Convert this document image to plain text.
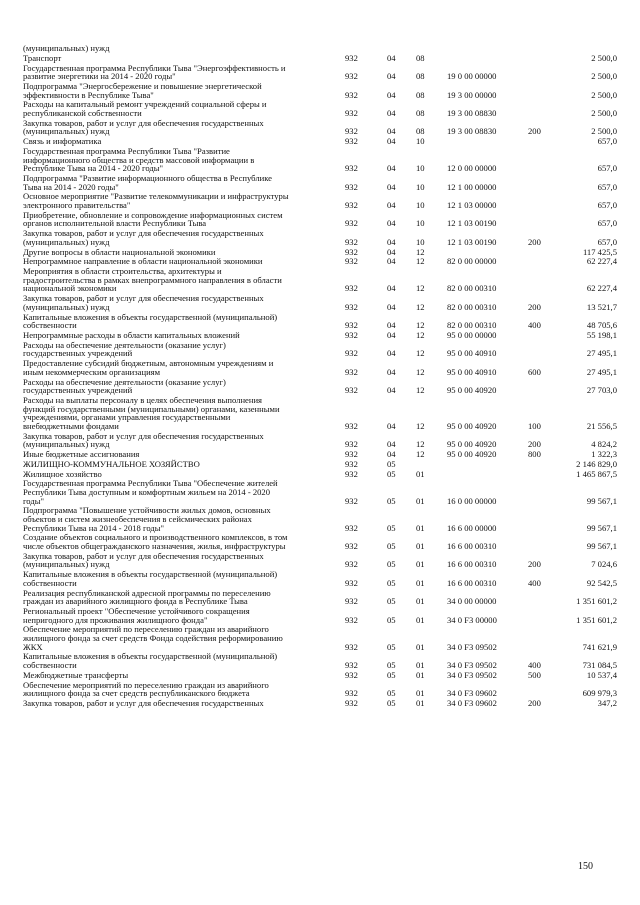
(муниципальных) нужд
Транспорт	932	04 08	2 500,0
Государственная программа Республики Тыва "Энергоэффективность и
развитие энергетики на 2014 - 2020 годы"	932	04 08	19 0 00 00000	2 500,0
Подпрограмма "Энергосбережение и повышение энергетической
эффективности в Республике Тыва"	932	04 08	19 3 00 00000	2 500,0
Расходы на капитальный ремонт учреждений социальной сферы и
республиканской собственности	932	04 08	19 3 00 08830	2 500,0
Закупка товаров, работ и услуг для обеспечения государственных
(муниципальных) нужд	932	04 08	19 3 00 08830	200	2 500,0
Связь и информатика	932	04 10	657,0
Государственная программа Республики Тыва "Развитие
информационного общества и средств массовой информации в
Республике Тыва на 2014 - 2020 годы"	932	04 10	12 0 00 00000	657,0
Подпрограмма "Развитие информационного общества в Республике
Тыва на 2014 - 2020 годы"	932	04 10	12 1 00 00000	657,0
Основное мероприятие "Развитие телекоммуникации и инфраструктуры
электронного правительства"	932	04 10	12 1 03 00000	657,0
Приобретение, обновление и сопровождение информационных систем
органов исполнительной власти Республики Тыва	932	04 10	12 1 03 00190	657,0
Закупка товаров, работ и услуг для обеспечения государственных
(муниципальных) нужд	932	04 10	12 1 03 00190	200	657,0
Другие вопросы в области национальной экономики	932	04 12	117 425,5
Непрограммное направление в области национальной экономики	932	04 12	82 0 00 00000	62 227,4
Мероприятия в области строительства, архитектуры и
градостроительства в рамках внепрограммного направления в области
национальной экономики	932	04 12	82 0 00 00310	62 227,4
Закупка товаров, работ и услуг для обеспечения государственных
(муниципальных) нужд	932	04 12	82 0 00 00310	200	13 521,7
Капитальные вложения в объекты государственной (муниципальной)
собственности	932	04 12	82 0 00 00310	400	48 705,6
Непрограммные расходы в области капитальных вложений	932	04 12	95 0 00 00000	55 198,1
Расходы на обеспечение деятельности (оказание услуг)
государственных учреждений	932	04 12	95 0 00 40910	27 495,1
Предоставление субсидий бюджетным, автономным учреждениям и
иным некоммерческим организациям	932	04 12	95 0 00 40910	600	27 495,1
Расходы на обеспечение деятельности (оказание услуг)
государственных учреждений	932	04 12	95 0 00 40920	27 703,0
Расходы на выплаты персоналу в целях обеспечения выполнения
функций государственными (муниципальными) органами, казенными
учреждениями, органами управления государственными
внебюджетными фондами	932	04 12	95 0 00 40920	100	21 556,5
Закупка товаров, работ и услуг для обеспечения государственных
(муниципальных) нужд	932	04 12	95 0 00 40920	200	4 824,2
Иные бюджетные ассигнования	932	04 12	95 0 00 40920	800	1 322,3
ЖИЛИЩНО-КОММУНАЛЬНОЕ ХОЗЯЙСТВО	932	05	2 146 829,0
Жилищное хозяйство	932	05 01	1 465 867,5
Государственная программа Республики Тыва "Обеспечение жителей
Республики Тыва доступным и комфортным жильем на 2014 - 2020
годы"	932	05 01	16 0 00 00000	99 567,1
Подпрограмма "Повышение устойчивости жилых домов, основных
объектов и систем жизнеобеспечения в сейсмических районах
Республики Тыва на 2014 - 2018 годы"	932	05 01	16 6 00 00000	99 567,1
Создание объектов социального и производственного комплексов, в том
числе объектов общегражданского назначения, жилья, инфраструктуры	932	05 01	16 6 00 00310	99 567,1
Закупка товаров, работ и услуг для обеспечения государственных
(муниципальных) нужд	932	05 01	16 6 00 00310	200	7 024,6
Капитальные вложения в объекты государственной (муниципальной)
собственности	932	05 01	16 6 00 00310	400	92 542,5
Реализация республиканской адресной программы по переселению
граждан из аварийного жилищного фонда в Республике Тыва	932	05 01	34 0 00 00000	1 351 601,2
Региональный проект "Обеспечение устойчивого сокращения
непригодного для проживания жилищного фонда"	932	05 01	34 0 F3 00000	1 351 601,2
Обеспечение мероприятий по переселению граждан из аварийного
жилищного фонда за счет средств Фонда содействия реформированию
ЖКХ	932	05 01	34 0 F3 09502	741 621,9
Капитальные вложения в объекты государственной (муниципальной)
собственности	932	05 01	34 0 F3 09502	400	731 084,5
Межбюджетные трансферты	932	05 01	34 0 F3 09502	500	10 537,4
Обеспечение мероприятий по переселению граждан из аварийного
жилищного фонда за счет средств республиканского бюджета	932	05 01	34 0 F3 09602	609 979,3
Закупка товаров, работ и услуг для обеспечения государственных	932	05 01	34 0 F3 09602	200	347,2
150
